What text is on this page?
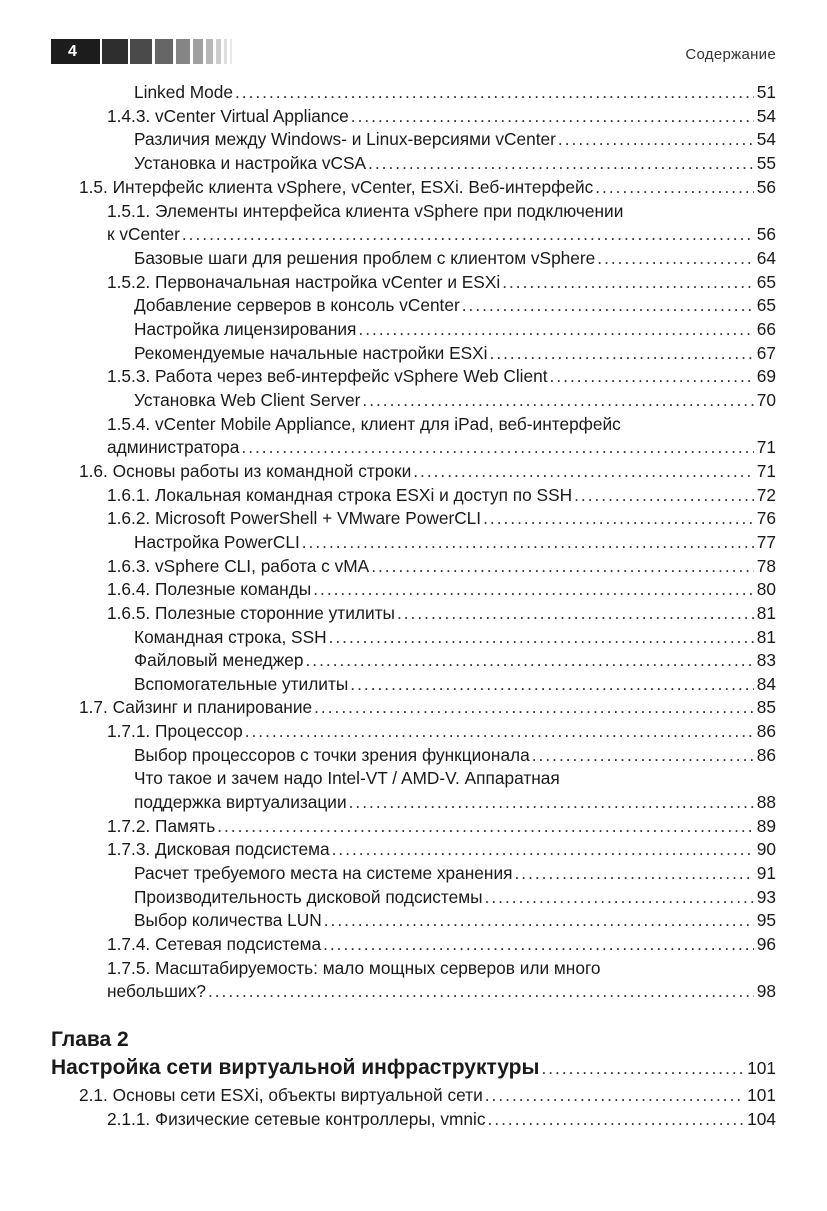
4	Содержание
Linked Mode .....	51
1.4.3. vCenter Virtual Appliance .....	54
Различия между Windows- и Linux-версиями vCenter .....	54
Установка и настройка vCSA .....	55
1.5. Интерфейс клиента vSphere, vCenter, ESXi. Веб-интерфейс .....	56
1.5.1. Элементы интерфейса клиента vSphere при подключении
к vCenter .....	56
Базовые шаги для решения проблем с клиентом vSphere .....	64
1.5.2. Первоначальная настройка vCenter и ESXi .....	65
Добавление серверов в консоль vCenter .....	65
Настройка лицензирования .....	66
Рекомендуемые начальные настройки ESXi .....	67
1.5.3. Работа через веб-интерфейс vSphere Web Client .....	69
Установка Web Client Server .....	70
1.5.4. vCenter Mobile Appliance, клиент для iPad, веб-интерфейс
администратора .....	71
1.6. Основы работы из командной строки .....	71
1.6.1. Локальная командная строка ESXi и доступ по SSH .....	72
1.6.2. Microsoft PowerShell + VMware PowerCLI .....	76
Настройка PowerCLI .....	77
1.6.3. vSphere CLI, работа с vMA .....	78
1.6.4. Полезные команды .....	80
1.6.5. Полезные сторонние утилиты .....	81
Командная строка, SSH .....	81
Файловый менеджер .....	83
Вспомогательные утилиты .....	84
1.7. Сайзинг и планирование .....	85
1.7.1. Процессор .....	86
Выбор процессоров с точки зрения функционала .....	86
Что такое и зачем надо Intel-VT / AMD-V. Аппаратная
поддержка виртуализации .....	88
1.7.2. Память .....	89
1.7.3. Дисковая подсистема .....	90
Расчет требуемого места на системе хранения .....	91
Производительность дисковой подсистемы .....	93
Выбор количества LUN .....	95
1.7.4. Сетевая подсистема .....	96
1.7.5. Масштабируемость: мало мощных серверов или много
небольших? .....	98
Глава 2
Настройка сети виртуальной инфраструктуры .....	101
2.1. Основы сети ESXi, объекты виртуальной сети .....	101
2.1.1. Физические сетевые контроллеры, vmnic .....	104
